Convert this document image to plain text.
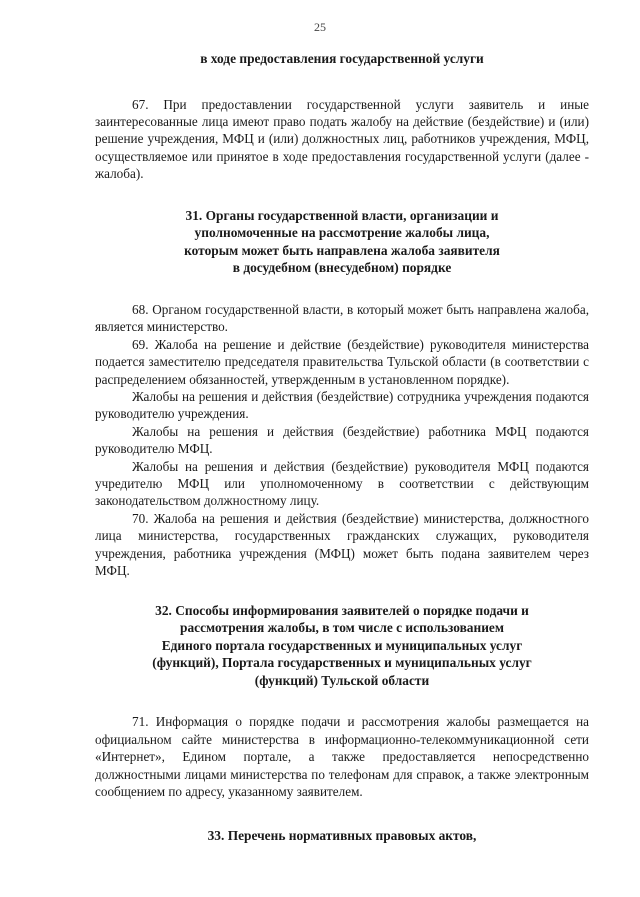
25

в ходе предоставления государственной услуги

67. При предоставлении государственной услуги заявитель и иные заинтересованные лица имеют право подать жалобу на действие (бездействие) и (или) решение учреждения, МФЦ и (или) должностных лиц, работников учреждения, МФЦ, осуществляемое или принятое в ходе предоставления государственной услуги (далее - жалоба).

31. Органы государственной власти, организации и

уполномоченные на рассмотрение жалобы лица,

которым может быть направлена жалоба заявителя

в досудебном (внесудебном) порядке

68. Органом государственной власти, в который может быть направлена жалоба, является министерство.

69. Жалоба на решение и действие (бездействие) руководителя министерства подается заместителю председателя правительства Тульской области (в соответствии с распределением обязанностей, утвержденным в установленном порядке).

Жалобы на решения и действия (бездействие) сотрудника учреждения подаются руководителю учреждения.

Жалобы на решения и действия (бездействие) работника МФЦ подаются руководителю МФЦ.

Жалобы на решения и действия (бездействие) руководителя МФЦ подаются учредителю МФЦ или уполномоченному в соответствии с действующим законодательством должностному лицу.

70. Жалоба на решения и действия (бездействие) министерства, должностного лица министерства, государственных гражданских служащих, руководителя учреждения, работника учреждения (МФЦ) может быть подана заявителем через МФЦ.

32. Способы информирования заявителей о порядке подачи и

рассмотрения жалобы, в том числе с использованием

Единого портала государственных и муниципальных услуг

(функций), Портала государственных и муниципальных услуг

(функций) Тульской области

71. Информация о порядке подачи и рассмотрения жалобы размещается на официальном сайте министерства в информационно-телекоммуникационной сети «Интернет», Едином портале, а также предоставляется непосредственно должностными лицами министерства по телефонам для справок, а также электронным сообщением по адресу, указанному заявителем.

33. Перечень нормативных правовых актов,
